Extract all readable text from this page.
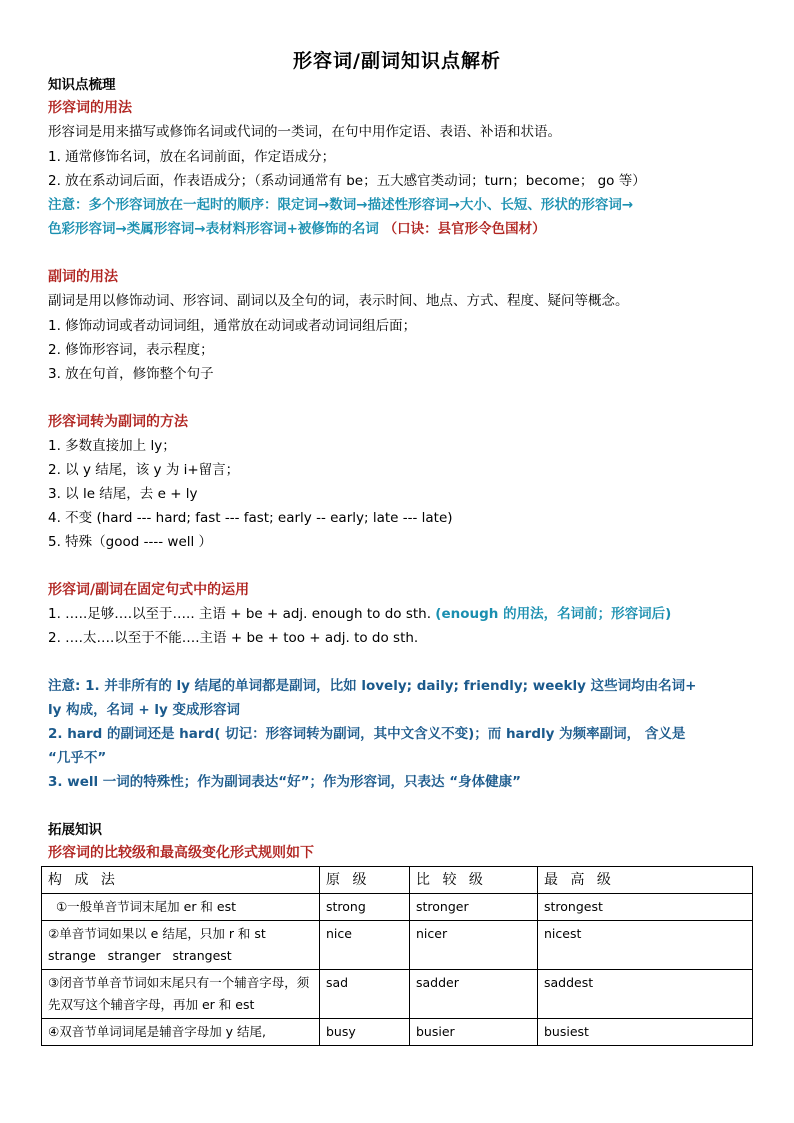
形容词/副词知识点解析
知识点梳理
形容词的用法
形容词是用来描写或修饰名词或代词的一类词，在句中用作定语、表语、补语和状语。
1. 通常修饰名词，放在名词前面，作定语成分；
2. 放在系动词后面，作表语成分；（系动词通常有 be；五大感官类动词；turn；become； go 等）
注意：多个形容词放在一起时的顺序：限定词→数词→描述性形容词→大小、长短、形状的形容词→
色彩形容词→类属形容词→表材料形容词+被修饰的名词 （口诀：县官形令色国材）
副词的用法
副词是用以修饰动词、形容词、副词以及全句的词，表示时间、地点、方式、程度、疑问等概念。
1. 修饰动词或者动词词组，通常放在动词或者动词词组后面；
2. 修饰形容词，表示程度；
3. 放在句首，修饰整个句子
形容词转为副词的方法
1. 多数直接加上 ly；
2. 以 y 结尾，该 y 为 i+留言；
3. 以 le 结尾，去 e + ly
4. 不变 (hard --- hard; fast --- fast; early -- early; late --- late)
5. 特殊（good ---- well ）
形容词/副词在固定句式中的运用
1. …..足够….以至于….. 主语 + be + adj. enough to do sth. (enough 的用法，名词前；形容词后)
2. ….太….以至于不能….主语 + be + too + adj. to do sth.
注意: 1. 并非所有的 ly 结尾的单词都是副词，比如 lovely; daily; friendly; weekly 这些词均由名词+
ly 构成，名词 + ly 变成形容词
2. hard 的副词还是 hard( 切记：形容词转为副词，其中文含义不变)；而 hardly 为频率副词， 含义是
“几乎不”
3. well 一词的特殊性；作为副词表达“好”；作为形容词，只表达 “身体健康”
拓展知识
形容词的比较级和最高级变化形式规则如下
构 成 法	原 级	比 较 级	最 高 级
①一般单音节词末尾加 er 和 est	strong	stronger	strongest

②单音节词如果以 e 结尾，只加 r 和 st
strange   stranger   strangest	nice	nicer	nicest
③闭音节单音节词如末尾只有一个辅音字母，须先双写这个辅音字母，再加 er 和 est	sad	sadder	saddest
④双音节单词词尾是辅音字母加 y 结尾,	busy	busier	busiest
